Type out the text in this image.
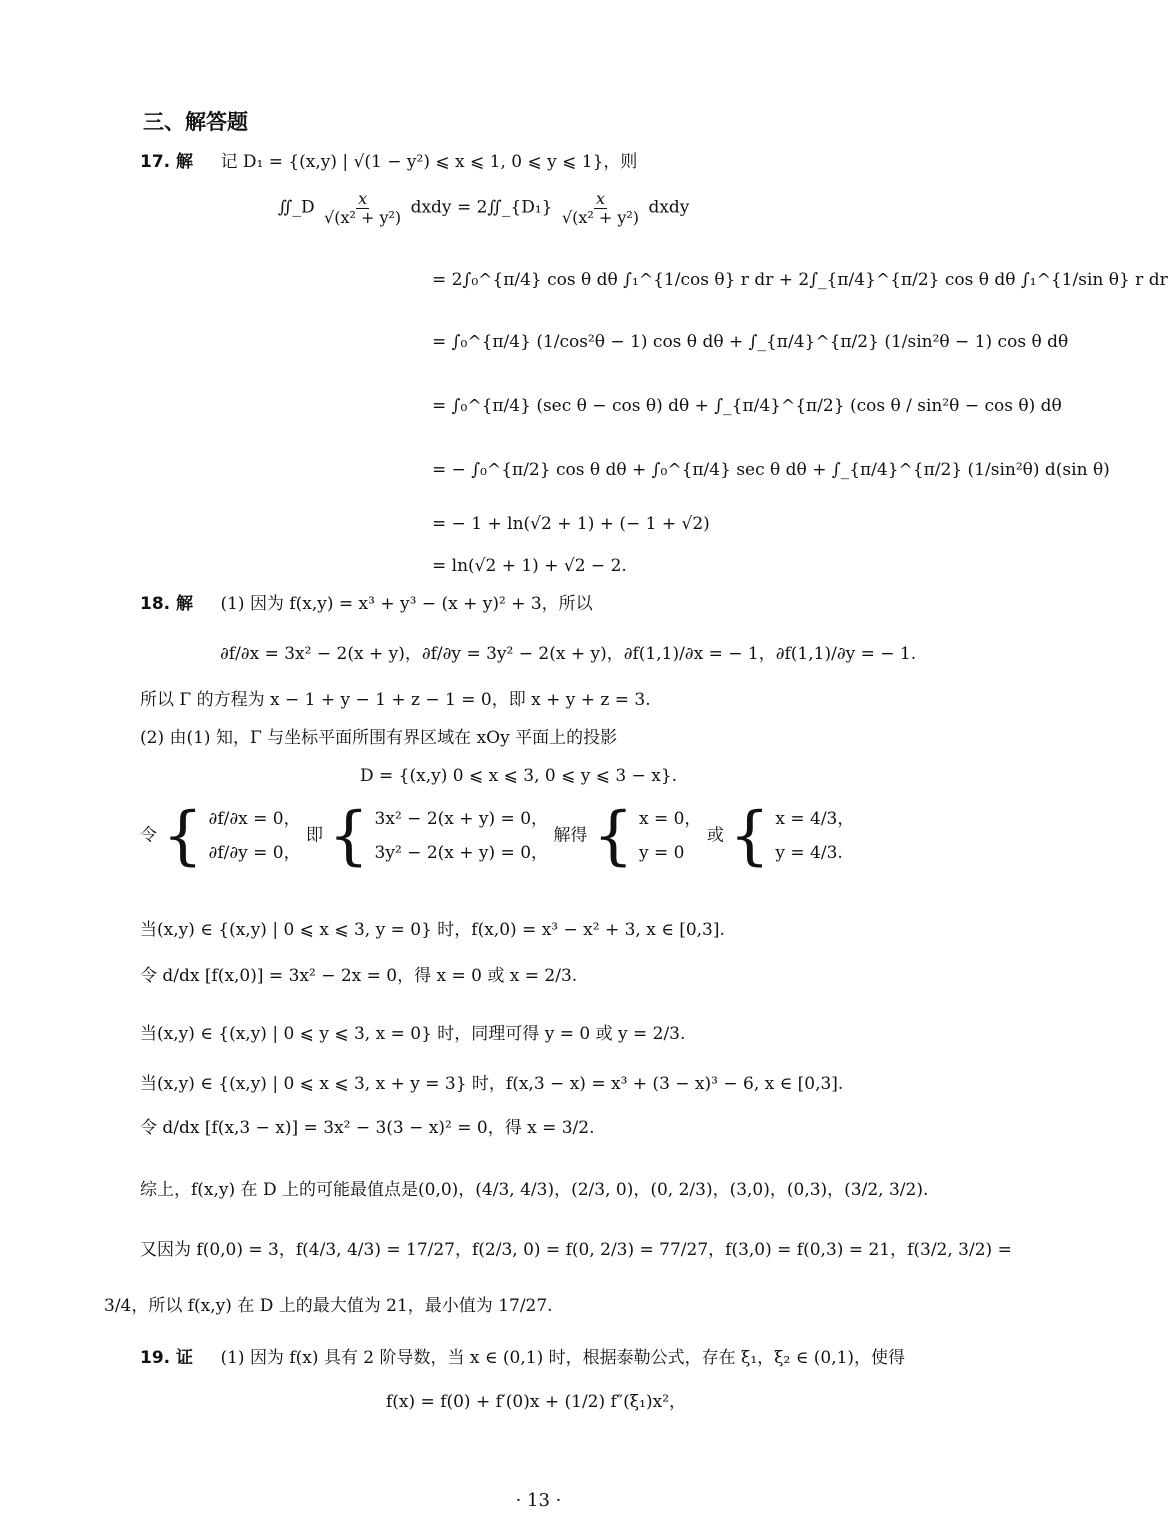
三、解答题
17. 解 记 D₁ = {(x,y) | √(1 − y²) ⩽ x ⩽ 1, 0 ⩽ y ⩽ 1}，则
∬_D $\frac{x}{\text{√(x² + y²)}}$ dxdy = 2∬_{D₁} $\frac{x}{\text{√(x² + y²)}}$ dxdy
= 2∫₀^{π/4} cos θ dθ ∫₁^{1/cos θ} r dr + 2∫_{π/4}^{π/2} cos θ dθ ∫₁^{1/sin θ} r dr
= ∫₀^{π/4} (1/cos²θ − 1) cos θ dθ + ∫_{π/4}^{π/2} (1/sin²θ − 1) cos θ dθ
= ∫₀^{π/4} (sec θ − cos θ) dθ + ∫_{π/4}^{π/2} (cos θ / sin²θ − cos θ) dθ
= − ∫₀^{π/2} cos θ dθ + ∫₀^{π/4} sec θ dθ + ∫_{π/4}^{π/2} (1/sin²θ) d(sin θ)
= − 1 + ln(√2 + 1) + (− 1 + √2)
= ln(√2 + 1) + √2 − 2.
18. 解 (1) 因为 f(x,y) = x³ + y³ − (x + y)² + 3，所以
∂f/∂x = 3x² − 2(x + y)，∂f/∂y = 3y² − 2(x + y)，∂f(1,1)/∂x = − 1，∂f(1,1)/∂y = − 1.
所以 Γ 的方程为 x − 1 + y − 1 + z − 1 = 0，即 x + y + z = 3.
(2) 由(1) 知，Γ 与坐标平面所围有界区域在 xOy 平面上的投影
D = {(x,y) 0 ⩽ x ⩽ 3, 0 ⩽ y ⩽ 3 − x}.
令 { ∂f/∂x = 0，
∂f/∂y = 0，
即 { 3x² − 2(x + y) = 0，
3y² − 2(x + y) = 0，
解得 { x = 0，
y = 0
或 { x = 4/3，
y = 4/3.
当(x,y) ∈ {(x,y) | 0 ⩽ x ⩽ 3, y = 0} 时，f(x,0) = x³ − x² + 3, x ∈ [0,3].
令 d/dx [f(x,0)] = 3x² − 2x = 0，得 x = 0 或 x = 2/3.
当(x,y) ∈ {(x,y) | 0 ⩽ y ⩽ 3, x = 0} 时，同理可得 y = 0 或 y = 2/3.
当(x,y) ∈ {(x,y) | 0 ⩽ x ⩽ 3, x + y = 3} 时，f(x,3 − x) = x³ + (3 − x)³ − 6, x ∈ [0,3].
令 d/dx [f(x,3 − x)] = 3x² − 3(3 − x)² = 0，得 x = 3/2.
综上，f(x,y) 在 D 上的可能最值点是(0,0)，(4/3, 4/3)，(2/3, 0)，(0, 2/3)，(3,0)，(0,3)，(3/2, 3/2).
又因为 f(0,0) = 3，f(4/3, 4/3) = 17/27，f(2/3, 0) = f(0, 2/3) = 77/27，f(3,0) = f(0,3) = 21，f(3/2, 3/2) =
3/4，所以 f(x,y) 在 D 上的最大值为 21，最小值为 17/27.
19. 证 (1) 因为 f(x) 具有 2 阶导数，当 x ∈ (0,1) 时，根据泰勒公式，存在 ξ₁，ξ₂ ∈ (0,1)，使得
f(x) = f(0) + f′(0)x + (1/2) f″(ξ₁)x²，
· 13 ·
